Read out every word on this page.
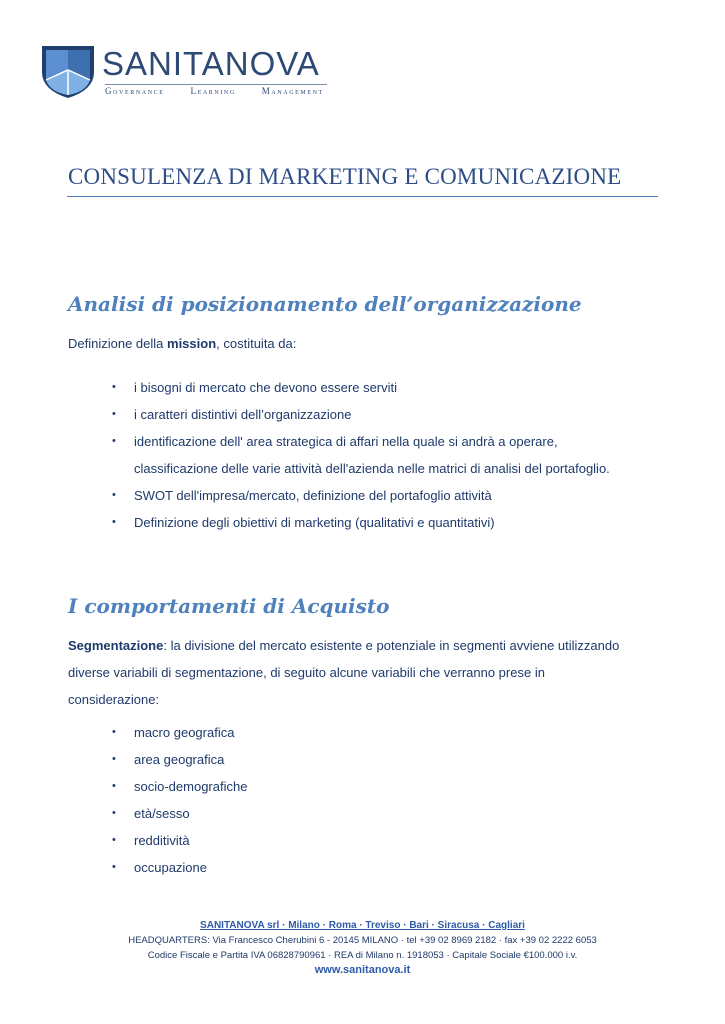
SANITANOVA
Governance	Learning	Management
CONSULENZA DI MARKETING E COMUNICAZIONE
Analisi di posizionamento dell’organizzazione
Definizione della mission, costituita da:
• i bisogni di mercato che devono essere serviti
• i caratteri distintivi dell’organizzazione
• identificazione dell' area strategica di affari nella quale si andrà a operare,
classificazione delle varie attività dell'azienda nelle matrici di analisi del portafoglio.
• SWOT dell'impresa/mercato, definizione del portafoglio attività
• Definizione degli obiettivi di marketing (qualitativi e quantitativi)
I comportamenti di Acquisto
Segmentazione: la divisione del mercato esistente e potenziale in segmenti avviene utilizzando
diverse variabili di segmentazione, di seguito alcune variabili che verranno prese in
considerazione:
• macro geografica
• area geografica
• socio-demografiche
• età/sesso
• redditività
• occupazione
SANITANOVA srl · Milano · Roma · Treviso · Bari · Siracusa · Cagliari
HEADQUARTERS: Via Francesco Cherubini 6 - 20145 MILANO · tel +39 02 8969 2182 · fax +39 02 2222 6053
Codice Fiscale e Partita IVA 06828790961 · REA di Milano n. 1918053 · Capitale Sociale €100.000 i.v.
www.sanitanova.it
